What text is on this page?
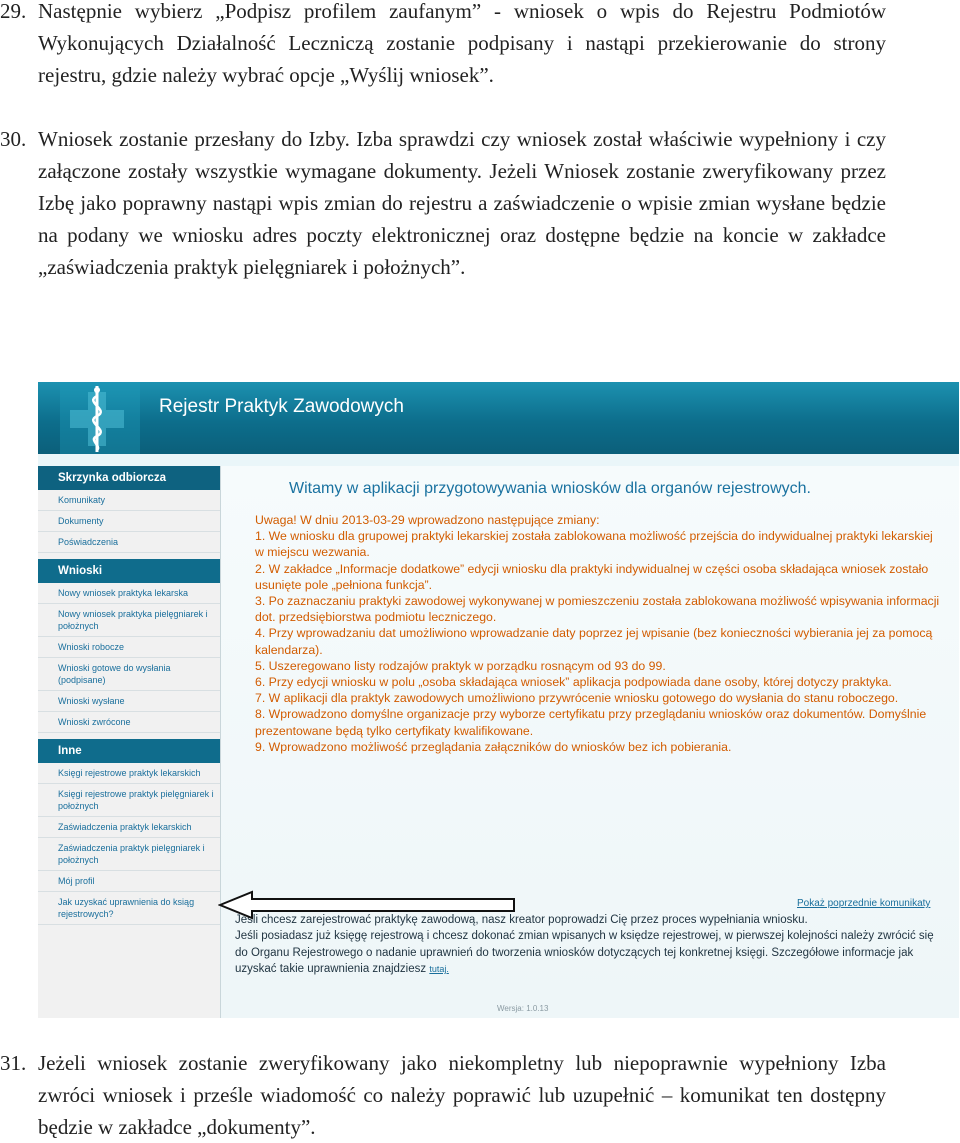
29. Następnie wybierz „Podpisz profilem zaufanym” - wniosek o wpis do Rejestru Podmiotów Wykonujących Działalność Leczniczą zostanie podpisany i nastąpi przekierowanie do strony rejestru, gdzie należy wybrać opcje „Wyślij wniosek”.
30. Wniosek zostanie przesłany do Izby. Izba sprawdzi czy wniosek został właściwie wypełniony i czy załączone zostały wszystkie wymagane dokumenty. Jeżeli Wniosek zostanie zweryfikowany przez Izbę jako poprawny nastąpi wpis zmian do rejestru a zaświadczenie o wpisie zmian wysłane będzie na podany we wniosku adres poczty elektronicznej oraz dostępne będzie na koncie w zakładce „zaświadczenia praktyk pielęgniarek i położnych”.
31. Jeżeli wniosek zostanie zweryfikowany jako niekompletny lub niepoprawnie wypełniony Izba zwróci wniosek i prześle wiadomość co należy poprawić lub uzupełnić – komunikat ten dostępny będzie w zakładce „dokumenty”.
Rejestr Praktyk Zawodowych
Skrzynka odbiorcza
Komunikaty
Dokumenty
Poświadczenia
Wnioski
Nowy wniosek praktyka lekarska
Nowy wniosek praktyka pielęgniarek i położnych
Wnioski robocze
Wnioski gotowe do wysłania (podpisane)
Wnioski wysłane
Wnioski zwrócone
Inne
Księgi rejestrowe praktyk lekarskich
Księgi rejestrowe praktyk pielęgniarek i położnych
Zaświadczenia praktyk lekarskich
Zaświadczenia praktyk pielęgniarek i położnych
Mój profil
Jak uzyskać uprawnienia do ksiąg rejestrowych?
Witamy w aplikacji przygotowywania wniosków dla organów rejestrowych.

Uwaga! W dniu 2013-03-29 wprowadzono następujące zmiany:

1. We wniosku dla grupowej praktyki lekarskiej została zablokowana możliwość przejścia do indywidualnej praktyki lekarskiej w miejscu wezwania.

2. W zakładce „Informacje dodatkowe” edycji wniosku dla praktyki indywidualnej w części osoba składająca wniosek zostało usunięte pole „pełniona funkcja”.

3. Po zaznaczaniu praktyki zawodowej wykonywanej w pomieszczeniu została zablokowana możliwość wpisywania informacji dot. przedsiębiorstwa podmiotu leczniczego.

4. Przy wprowadzaniu dat umożliwiono wprowadzanie daty poprzez jej wpisanie (bez konieczności wybierania jej za pomocą kalendarza).

5. Uszeregowano listy rodzajów praktyk w porządku rosnącym od 93 do 99.

6. Przy edycji wniosku w polu „osoba składająca wniosek” aplikacja podpowiada dane osoby, której dotyczy praktyka.

7. W aplikacji dla praktyk zawodowych umożliwiono przywrócenie wniosku gotowego do wysłania do stanu roboczego.

8. Wprowadzono domyślne organizacje przy wyborze certyfikatu przy przeglądaniu wniosków oraz dokumentów. Domyślnie prezentowane będą tylko certyfikaty kwalifikowane.

9. Wprowadzono możliwość przeglądania załączników do wniosków bez ich pobierania.

Pokaż poprzednie komunikaty

Jeśli chcesz zarejestrować praktykę zawodową, nasz kreator poprowadzi Cię przez proces wypełniania wniosku.

Jeśli posiadasz już księgę rejestrową i chcesz dokonać zmian wpisanych w księdze rejestrowej, w pierwszej kolejności należy zwrócić się do Organu Rejestrowego o nadanie uprawnień do tworzenia wniosków dotyczących tej konkretnej księgi. Szczegółowe informacje jak uzyskać takie uprawnienia znajdziesz tutaj.

Wersja: 1.0.13
